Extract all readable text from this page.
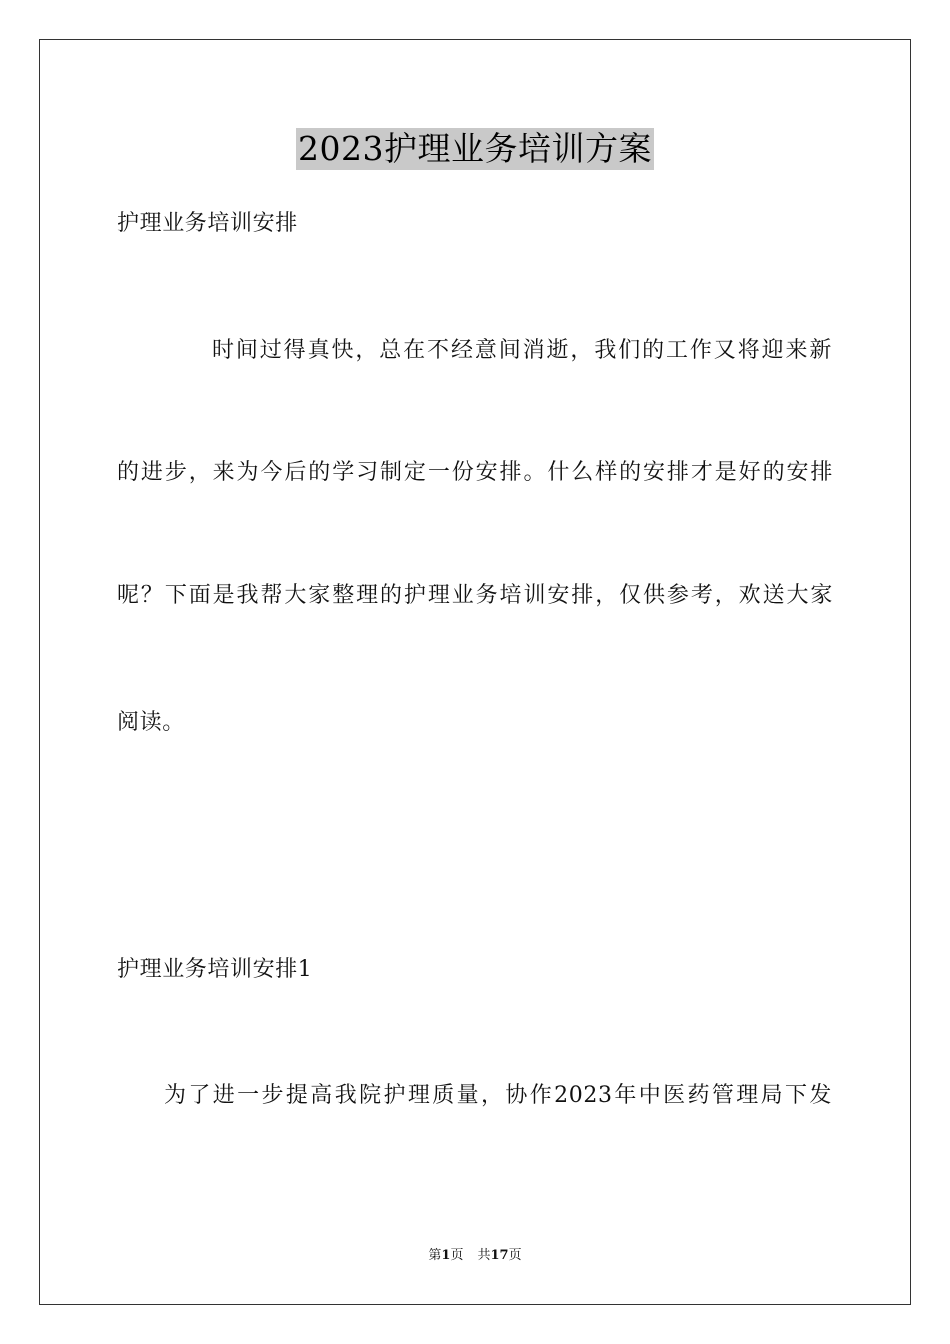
2023护理业务培训方案
护理业务培训安排
时间过得真快，总在不经意间消逝，我们的工作又将迎来新
的进步，来为今后的学习制定一份安排。什么样的安排才是好的安排
呢？下面是我帮大家整理的护理业务培训安排，仅供参考，欢送大家
阅读。
护理业务培训安排1
为了进一步提高我院护理质量，协作2023年中医药管理局下发
第1页 共17页
